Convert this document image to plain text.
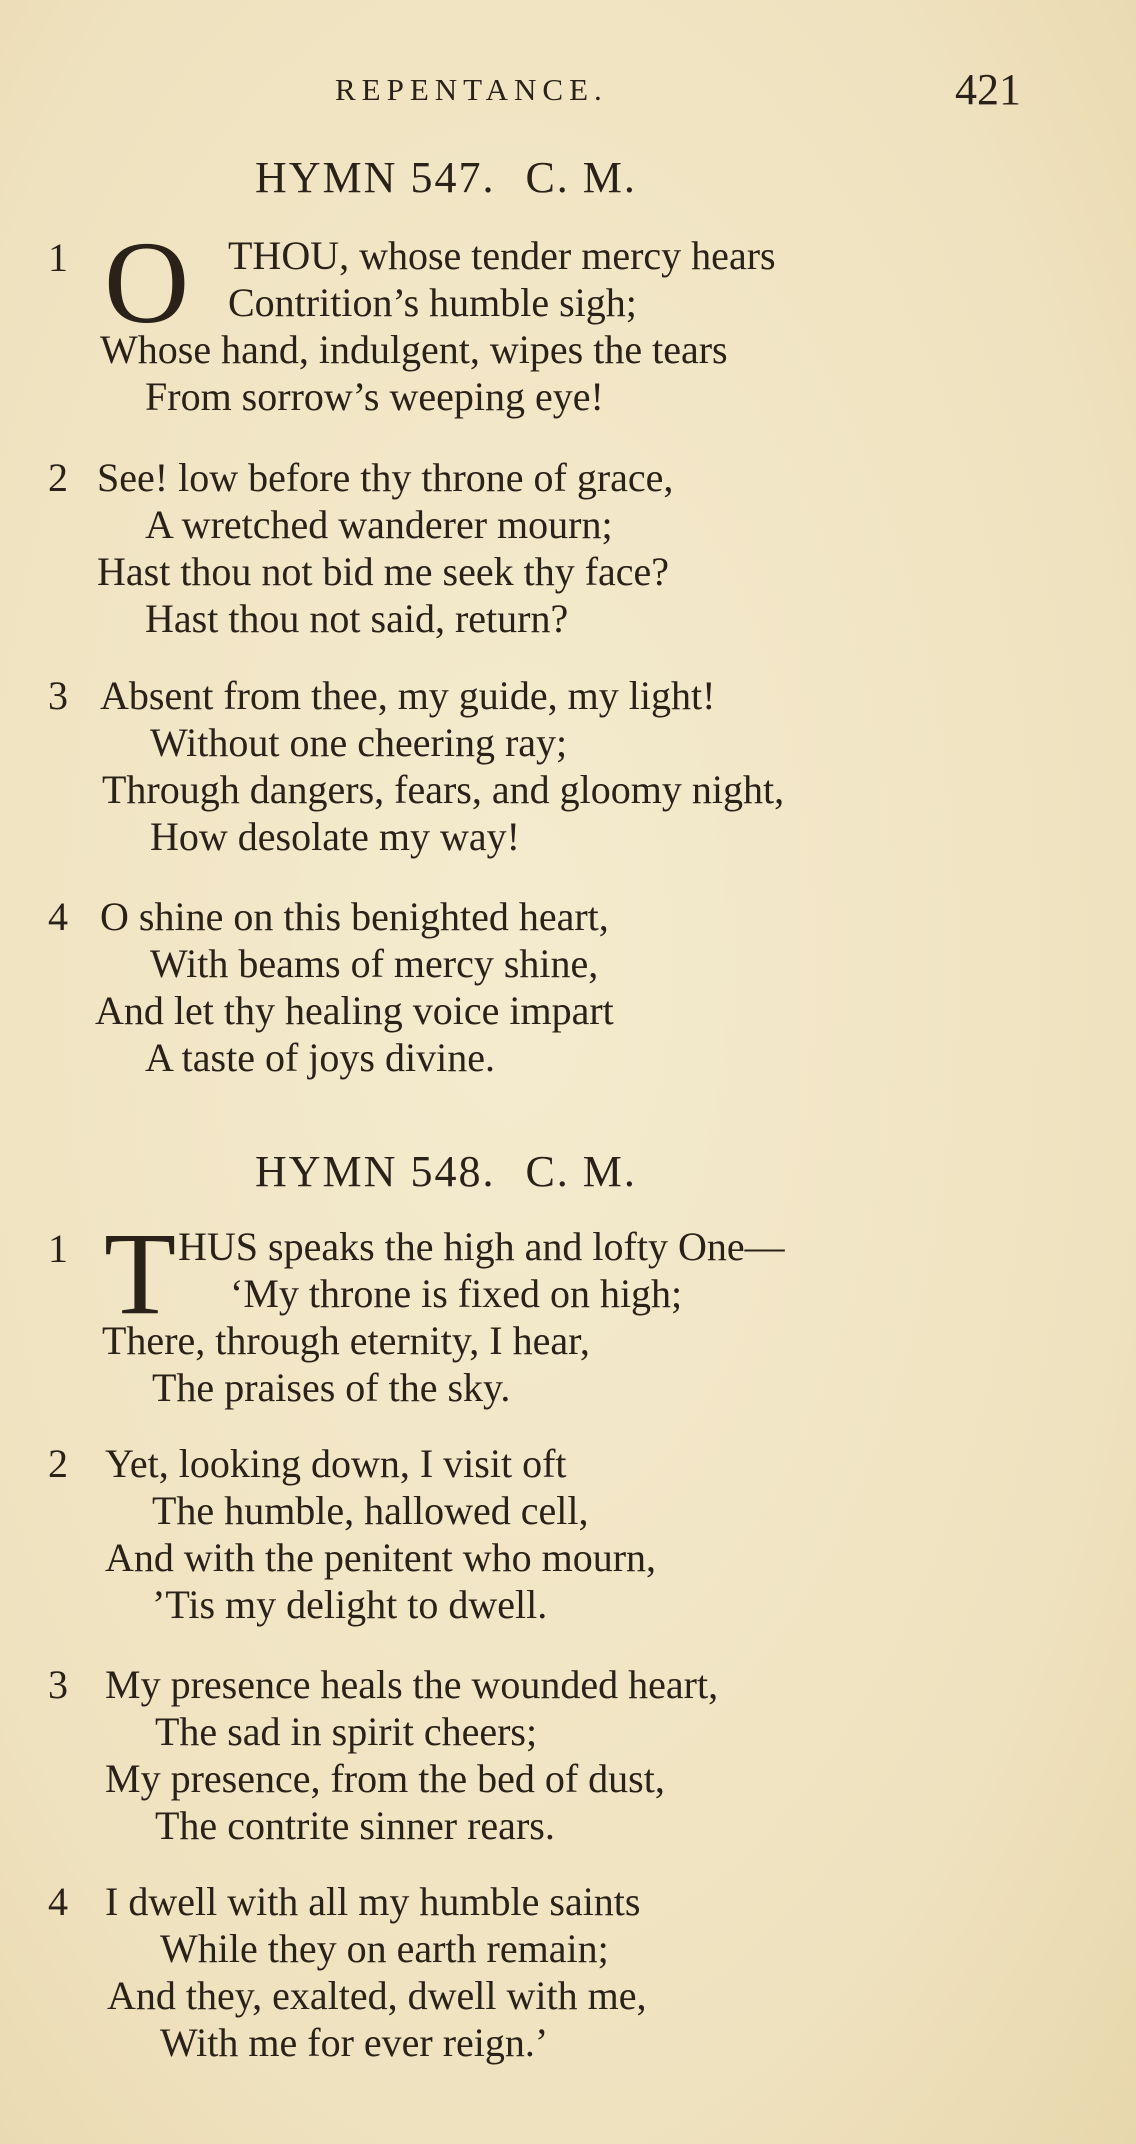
REPENTANCE.	421
HYMN 547. C. M.
1 O THOU, whose tender mercy hears
Contrition’s humble sigh;
Whose hand, indulgent, wipes the tears
From sorrow’s weeping eye!
2 See! low before thy throne of grace,
A wretched wanderer mourn;
Hast thou not bid me seek thy face?
Hast thou not said, return?
3 Absent from thee, my guide, my light!
Without one cheering ray;
Through dangers, fears, and gloomy night,
How desolate my way!
4 O shine on this benighted heart,
With beams of mercy shine,
And let thy healing voice impart
A taste of joys divine.
HYMN 548. C. M.
1 T HUS speaks the high and lofty One—
‘My throne is fixed on high;
There, through eternity, I hear,
The praises of the sky.
2 Yet, looking down, I visit oft
The humble, hallowed cell,
And with the penitent who mourn,
’Tis my delight to dwell.
3 My presence heals the wounded heart,
The sad in spirit cheers;
My presence, from the bed of dust,
The contrite sinner rears.
4 I dwell with all my humble saints
While they on earth remain;
And they, exalted, dwell with me,
With me for ever reign.’
